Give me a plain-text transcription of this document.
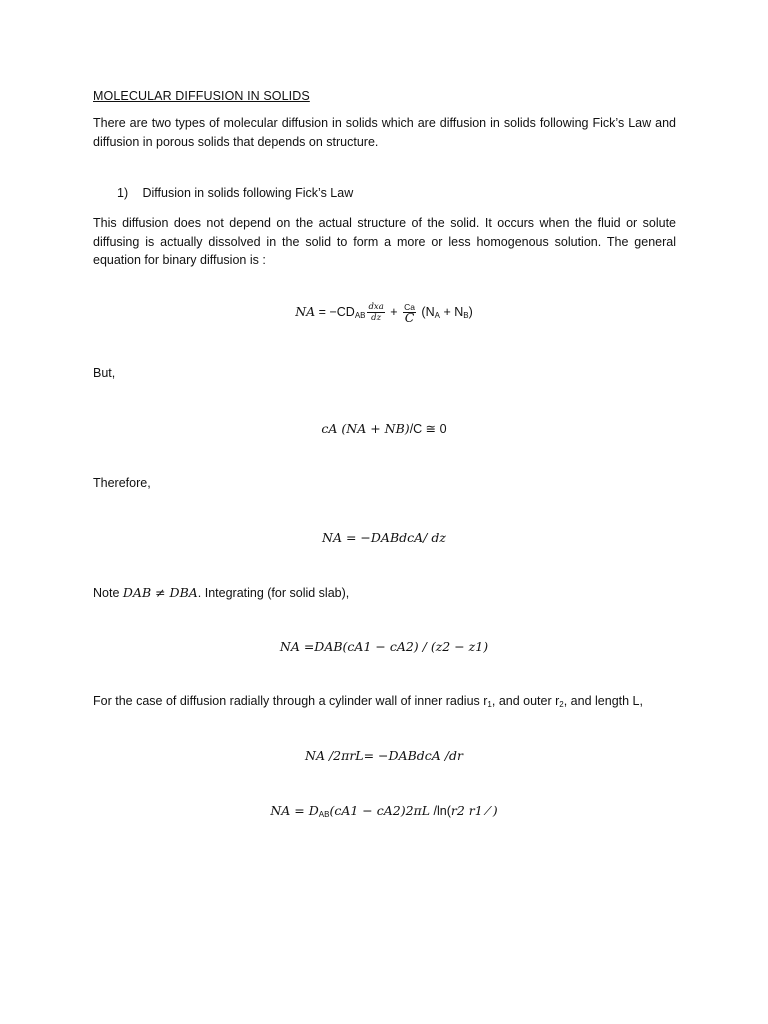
MOLECULAR DIFFUSION IN SOLIDS
There are two types of molecular diffusion in solids which are diffusion in solids following Fick’s Law and diffusion in porous solids that depends on structure.
1) Diffusion in solids following Fick’s Law
This diffusion does not depend on the actual structure of the solid. It occurs when the fluid or solute diffusing is actually dissolved in the solid to form a more or less homogenous solution. The general equation for binary diffusion is :
NA = $-CD_{AB} \frac{\text{dxa}}{dz} + \frac{Ca}{C} (N_A + N_B)$
But,
cA (NA + NB)/C ≅ 0
Therefore,
NA = −DABdcA/ dz
Note DAB ≠ DBA. Integrating (for solid slab),
NA =DAB(cA1 − cA2) / (z2 − z1)
For the case of diffusion radially through a cylinder wall of inner radius $r_1$, and outer $r_2$, and length L,
NA /2πrL= −DABdcA /dr
NA = $D_{AB}(cA1 - cA2)2\pi L$ /ln(r2 r1 ⁄ )
